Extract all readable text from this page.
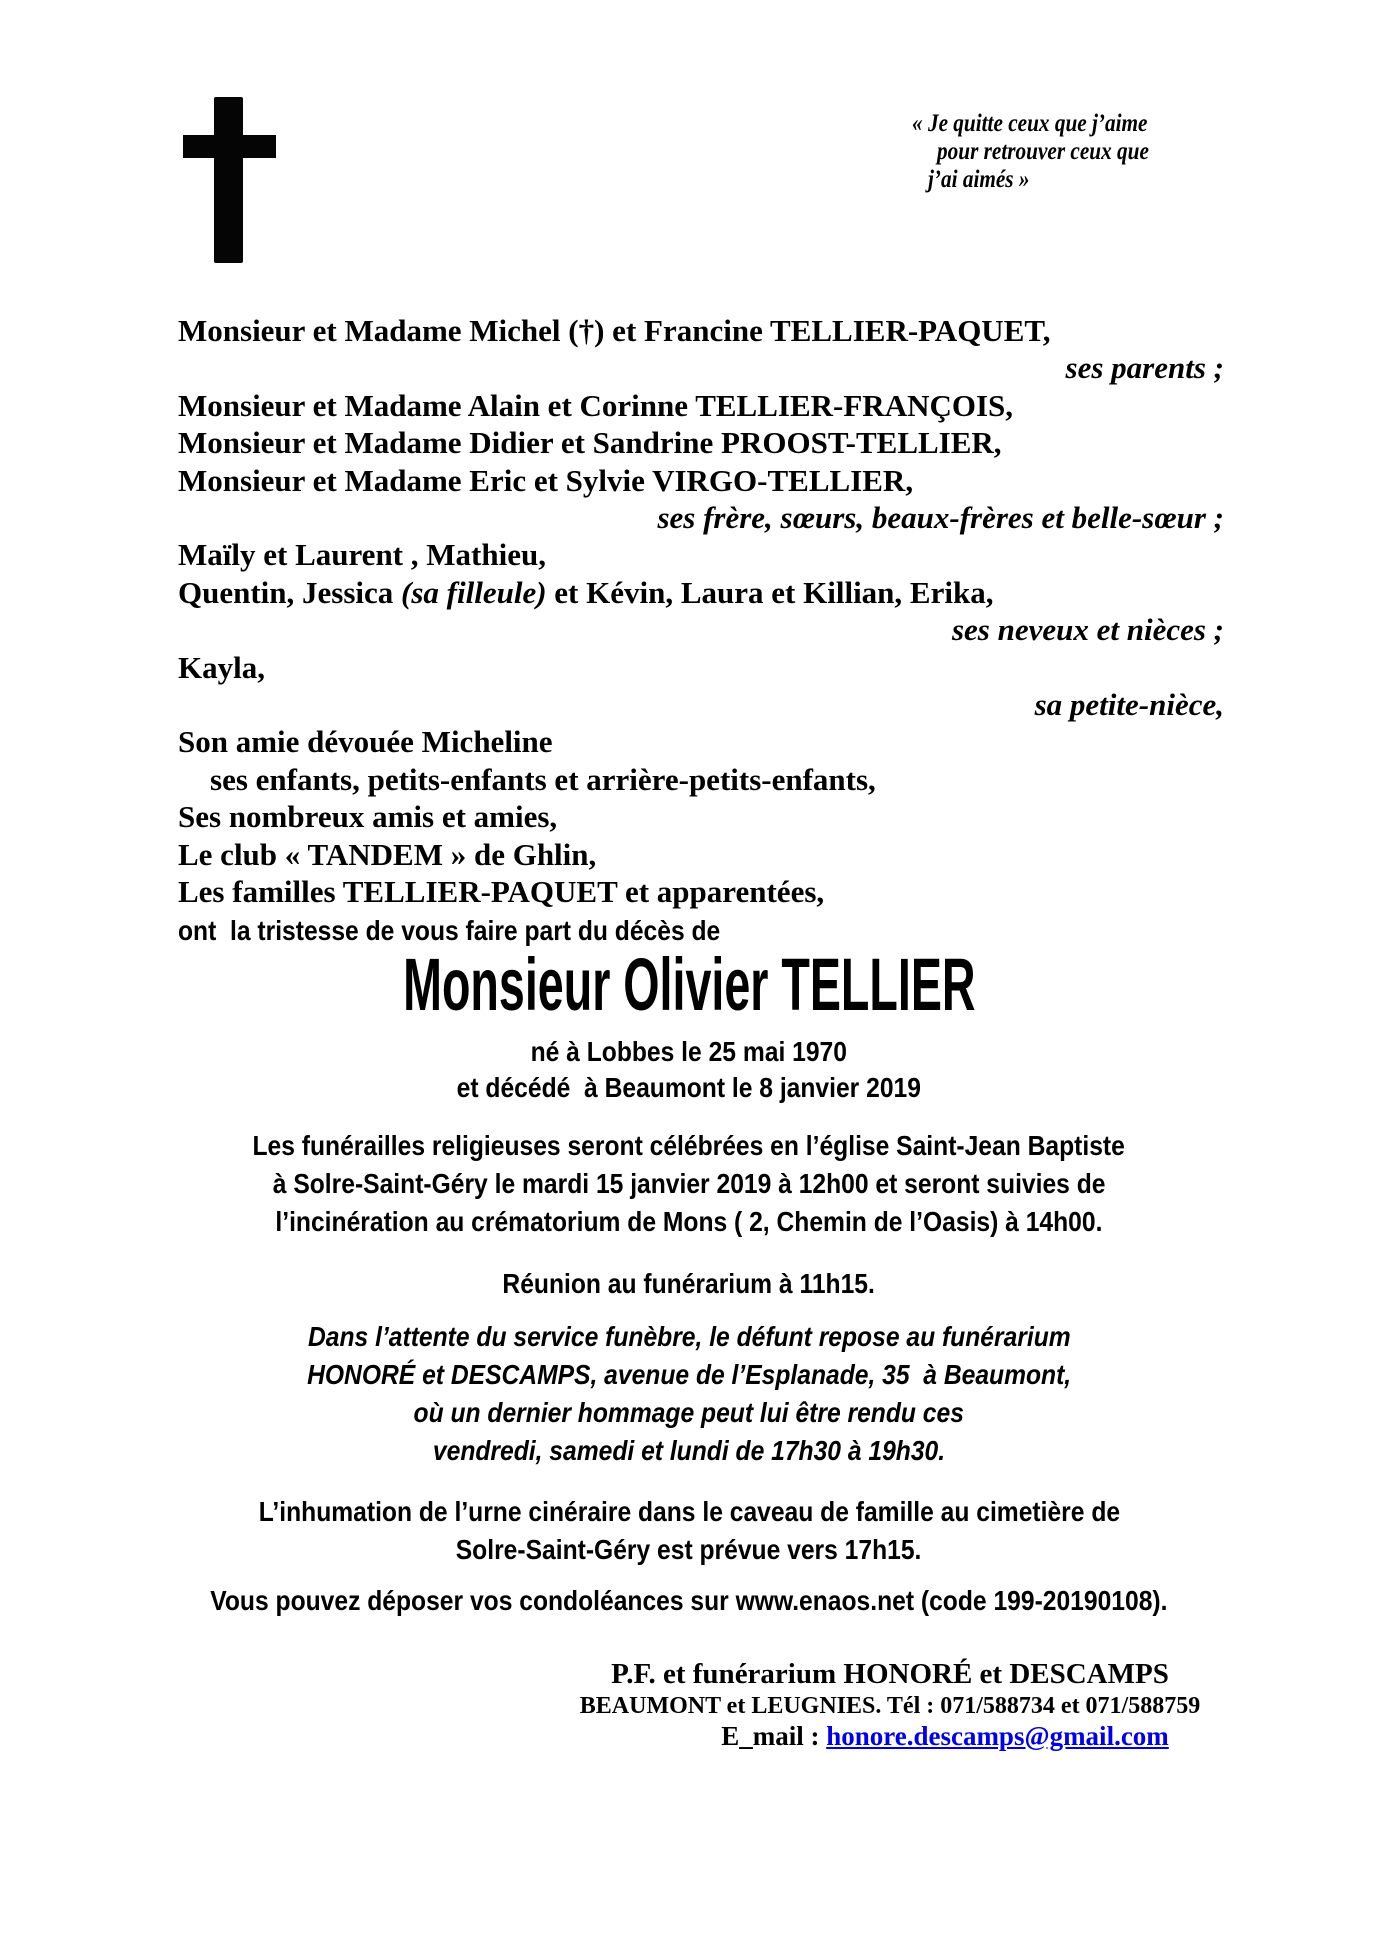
« Je quitte ceux que j’aime
pour retrouver ceux que
j’ai aimés »
Monsieur et Madame Michel (†) et Francine TELLIER-PAQUET,
ses parents ;
Monsieur et Madame Alain et Corinne TELLIER-FRANÇOIS,
Monsieur et Madame Didier et Sandrine PROOST-TELLIER,
Monsieur et Madame Eric et Sylvie VIRGO-TELLIER,
ses frère, sœurs, beaux-frères et belle-sœur ;
Maïly et Laurent , Mathieu,
Quentin, Jessica (sa filleule) et Kévin, Laura et Killian, Erika,
ses neveux et nièces ;
Kayla,
sa petite-nièce,
Son amie dévouée Micheline
ses enfants, petits-enfants et arrière-petits-enfants,
Ses nombreux amis et amies,
Le club « TANDEM » de Ghlin,
Les familles TELLIER-PAQUET et apparentées,
ont  la tristesse de vous faire part du décès de
Monsieur Olivier TELLIER
né à Lobbes le 25 mai 1970
et décédé  à Beaumont le 8 janvier 2019
Les funérailles religieuses seront célébrées en l’église Saint-Jean Baptiste
à Solre-Saint-Géry le mardi 15 janvier 2019 à 12h00 et seront suivies de
l’incinération au crématorium de Mons ( 2, Chemin de l’Oasis) à 14h00.
Réunion au funérarium à 11h15.
Dans l’attente du service funèbre, le défunt repose au funérarium
HONORÉ et DESCAMPS, avenue de l’Esplanade, 35  à Beaumont,
où un dernier hommage peut lui être rendu ces
vendredi, samedi et lundi de 17h30 à 19h30.
L’inhumation de l’urne cinéraire dans le caveau de famille au cimetière de
Solre-Saint-Géry est prévue vers 17h15.
Vous pouvez déposer vos condoléances sur www.enaos.net (code 199-20190108).
P.F. et funérarium HONORÉ et DESCAMPS
BEAUMONT et LEUGNIES. Tél : 071/588734 et 071/588759
E_mail : honore.descamps@gmail.com
